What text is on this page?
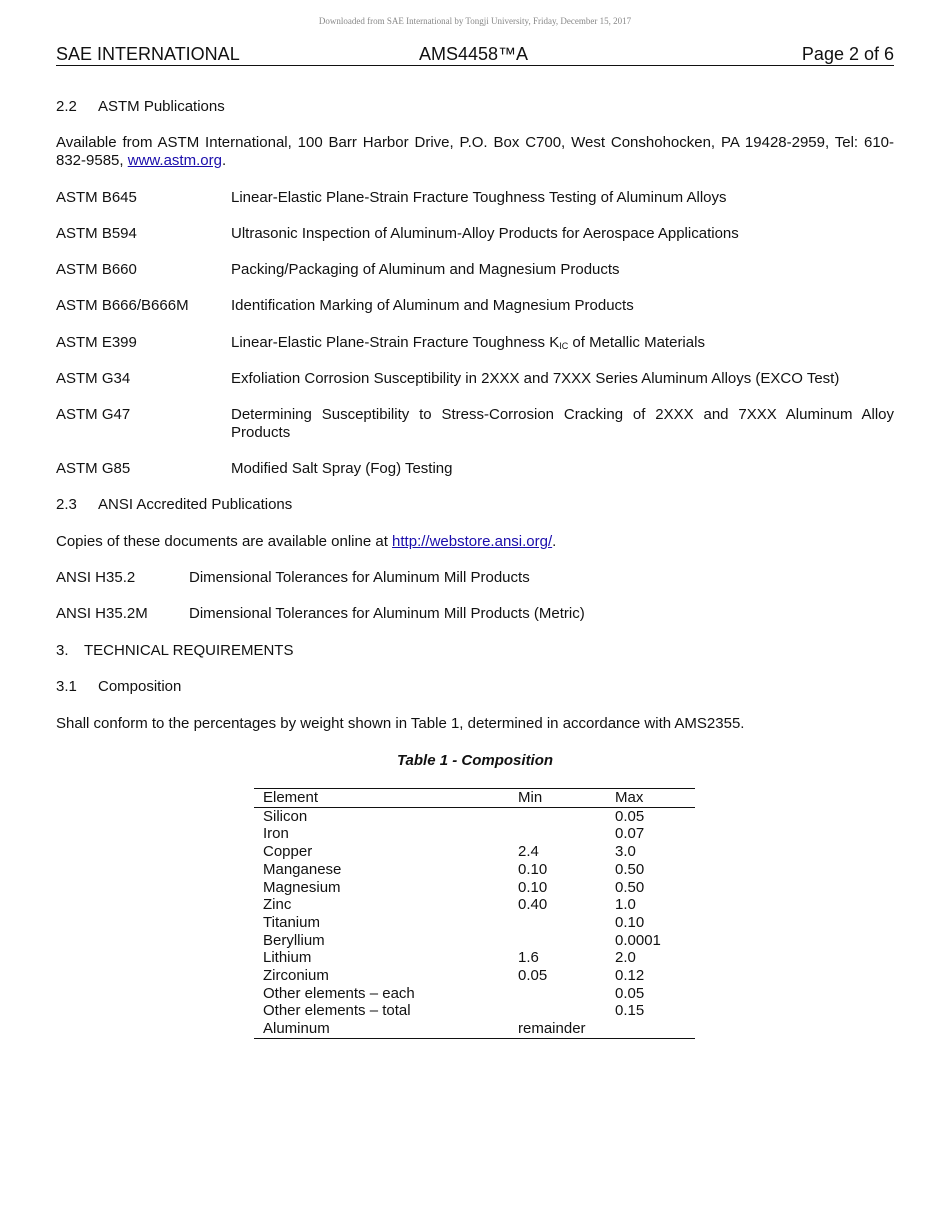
Downloaded from SAE International by Tongji University, Friday, December 15, 2017
SAE INTERNATIONAL	AMS4458™A	Page 2 of 6
2.2 ASTM Publications
Available from ASTM International, 100 Barr Harbor Drive, P.O. Box C700, West Conshohocken, PA 19428-2959, Tel: 610-832-9585, www.astm.org.
ASTM B645	Linear-Elastic Plane-Strain Fracture Toughness Testing of Aluminum Alloys
ASTM B594	Ultrasonic Inspection of Aluminum-Alloy Products for Aerospace Applications
ASTM B660	Packing/Packaging of Aluminum and Magnesium Products
ASTM B666/B666M	Identification Marking of Aluminum and Magnesium Products
ASTM E399	Linear-Elastic Plane-Strain Fracture Toughness $K_{IC}$ of Metallic Materials
ASTM G34	Exfoliation Corrosion Susceptibility in 2XXX and 7XXX Series Aluminum Alloys (EXCO Test)
ASTM G47	Determining Susceptibility to Stress-Corrosion Cracking of 2XXX and 7XXX Aluminum Alloy Products
ASTM G85	Modified Salt Spray (Fog) Testing
2.3 ANSI Accredited Publications
Copies of these documents are available online at http://webstore.ansi.org/.
ANSI H35.2	Dimensional Tolerances for Aluminum Mill Products
ANSI H35.2M	Dimensional Tolerances for Aluminum Mill Products (Metric)
3. TECHNICAL REQUIREMENTS
3.1 Composition
Shall conform to the percentages by weight shown in Table 1, determined in accordance with AMS2355.
Table 1 - Composition
Element	Min	Max
Silicon		0.05
Iron		0.07
Copper	2.4	3.0
Manganese	0.10	0.50
Magnesium	0.10	0.50
Zinc	0.40	1.0
Titanium		0.10
Beryllium		0.0001
Lithium	1.6	2.0
Zirconium	0.05	0.12
Other elements – each		0.05
Other elements – total		0.15
Aluminum	remainder	
